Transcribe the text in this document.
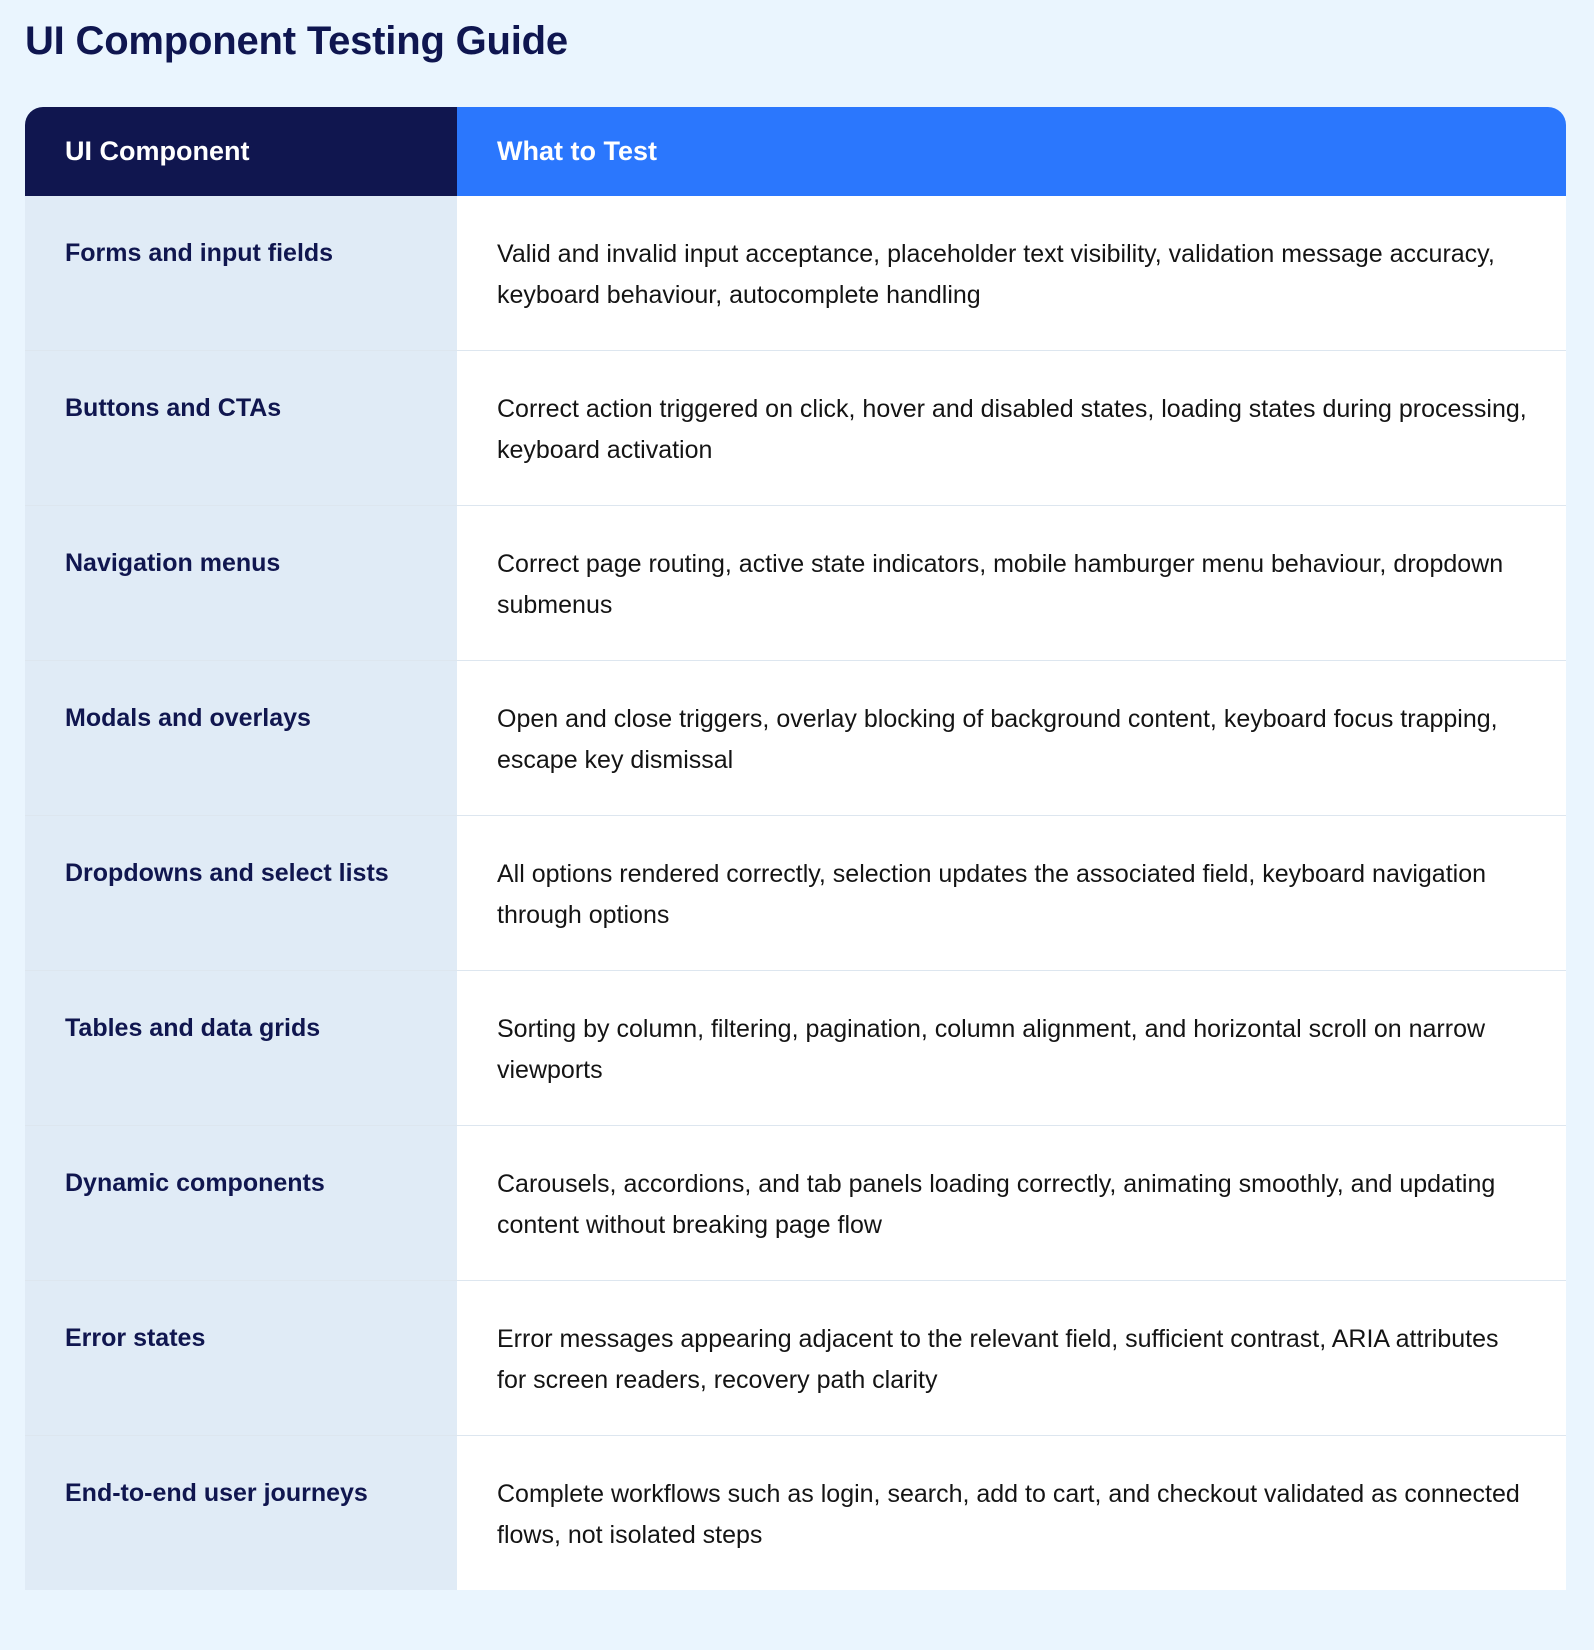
UI Component Testing Guide
UI Component	What to Test
Forms and input fields	Valid and invalid input acceptance, placeholder text visibility, validation message accuracy, keyboard behaviour, autocomplete handling
Buttons and CTAs	Correct action triggered on click, hover and disabled states, loading states during processing, keyboard activation
Navigation menus	Correct page routing, active state indicators, mobile hamburger menu behaviour, dropdown submenus
Modals and overlays	Open and close triggers, overlay blocking of background content, keyboard focus trapping, escape key dismissal
Dropdowns and select lists	All options rendered correctly, selection updates the associated field, keyboard navigation through options
Tables and data grids	Sorting by column, filtering, pagination, column alignment, and horizontal scroll on narrow viewports
Dynamic components	Carousels, accordions, and tab panels loading correctly, animating smoothly, and updating content without breaking page flow
Error states	Error messages appearing adjacent to the relevant field, sufficient contrast, ARIA attributes for screen readers, recovery path clarity
End-to-end user journeys	Complete workflows such as login, search, add to cart, and checkout validated as connected flows, not isolated steps
